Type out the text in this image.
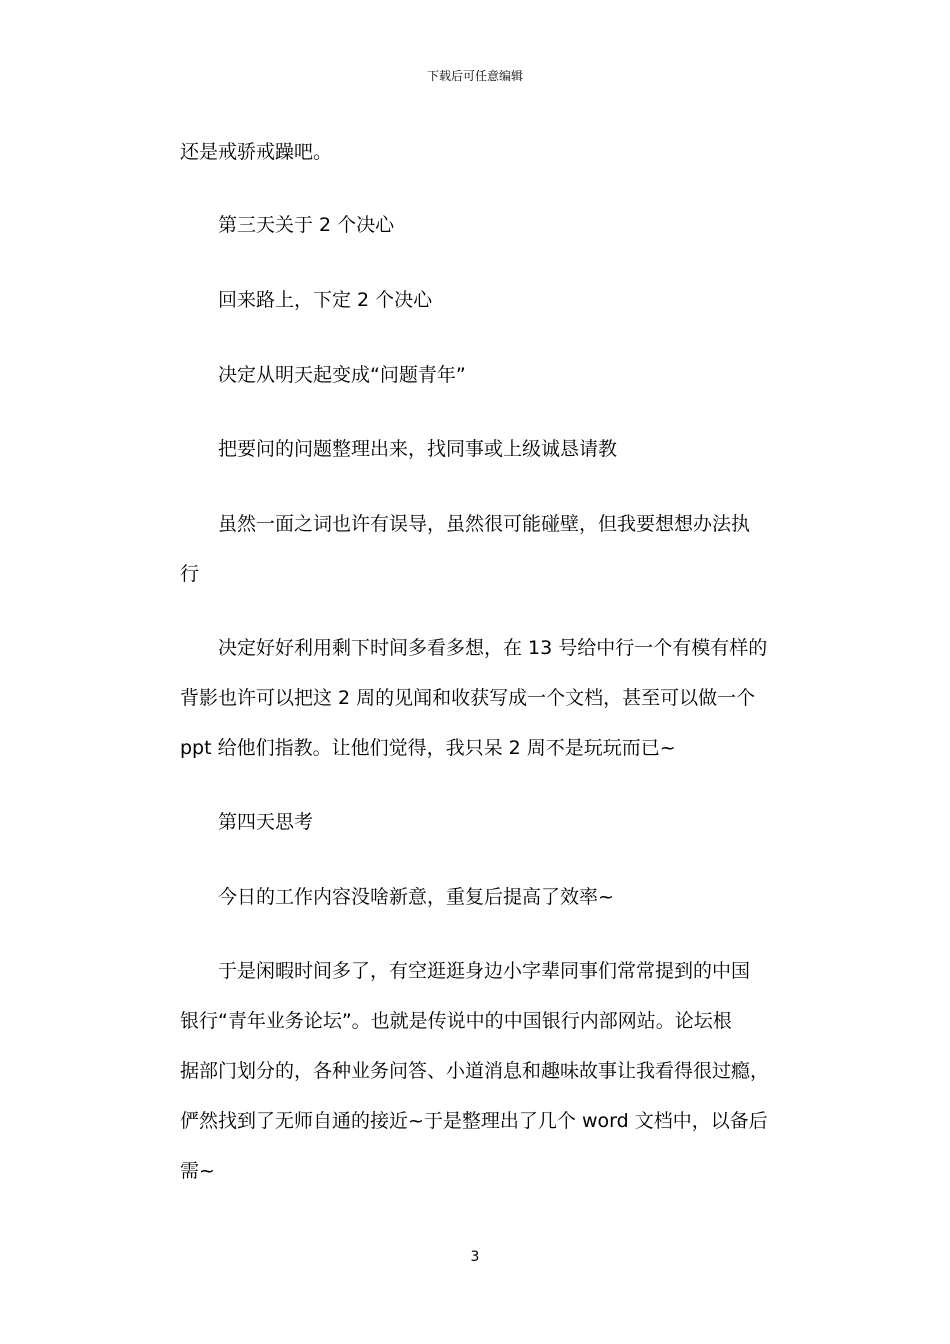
下载后可任意编辑
还是戒骄戒躁吧。
第三天关于 2 个决心
回来路上，下定 2 个决心
决定从明天起变成“问题青年”
把要问的问题整理出来，找同事或上级诚恳请教
虽然一面之词也许有误导，虽然很可能碰壁，但我要想想办法执
行
决定好好利用剩下时间多看多想，在 13 号给中行一个有模有样的
背影也许可以把这 2 周的见闻和收获写成一个文档，甚至可以做一个
ppt 给他们指教。让他们觉得，我只呆 2 周不是玩玩而已~
第四天思考
今日的工作内容没啥新意，重复后提高了效率~
于是闲暇时间多了，有空逛逛身边小字辈同事们常常提到的中国
银行“青年业务论坛”。也就是传说中的中国银行内部网站。论坛根
据部门划分的，各种业务问答、小道消息和趣味故事让我看得很过瘾，
俨然找到了无师自通的接近~于是整理出了几个 word 文档中，以备后
需~
3
